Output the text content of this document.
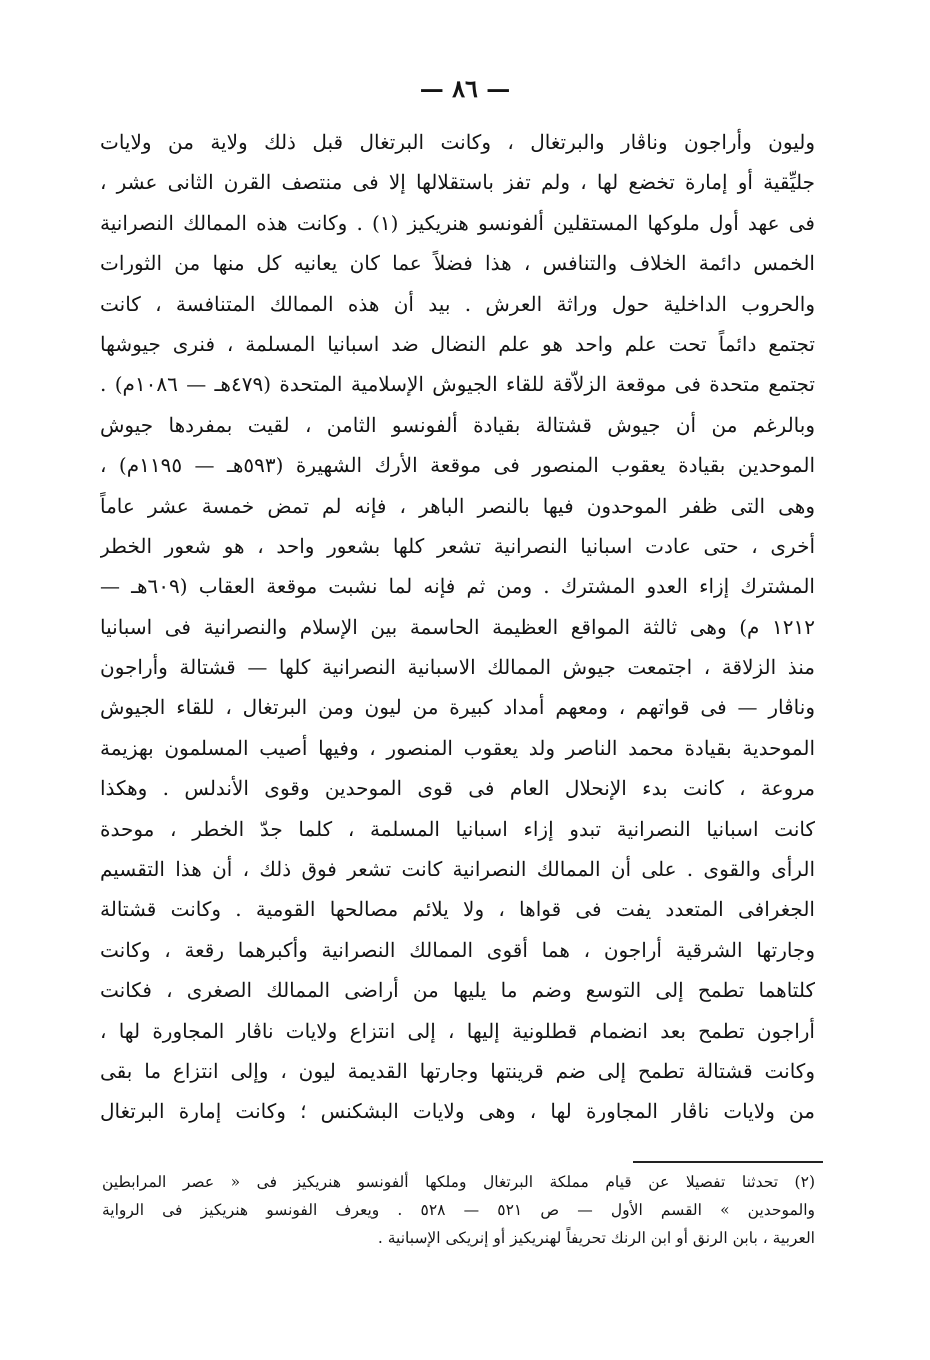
— ٨٦ —
وليون وأراجون وناڤار والبرتغال ، وكانت البرتغال قبل ذلك ولاية من ولايات
جليِّقية أو إمارة تخضع لها ، ولم تفز باستقلالها إلا فى منتصف القرن الثانى عشر ،
فى عهد أول ملوكها المستقلين ألفونسو هنريكيز (١) . وكانت هذه الممالك النصرانية
الخمس دائمة الخلاف والتنافس ، هذا فضلاً عما كان يعانيه كل منها من الثورات
والحروب الداخلية حول وراثة العرش . بيد أن هذه الممالك المتنافسة ، كانت
تجتمع دائماً تحت علم واحد هو علم النضال ضد اسبانيا المسلمة ، فنرى جيوشها
تجتمع متحدة فى موقعة الزلاّقة للقاء الجيوش الإسلامية المتحدة (٤٧٩هـ — ١٠٨٦م) .
وبالرغم من أن جيوش قشتالة بقيادة ألفونسو الثامن ، لقيت بمفردها جيوش
الموحدين بقيادة يعقوب المنصور فى موقعة الأرك الشهيرة (٥٩٣هـ — ١١٩٥م) ،
وهى التى ظفر الموحدون فيها بالنصر الباهر ، فإنه لم تمض خمسة عشر عاماً
أخرى ، حتى عادت اسبانيا النصرانية تشعر كلها بشعور واحد ، هو شعور الخطر
المشترك إزاء العدو المشترك . ومن ثم فإنه لما نشبت موقعة العقاب (٦٠٩هـ —
١٢١٢ م) وهى ثالثة المواقع العظيمة الحاسمة بين الإسلام والنصرانية فى اسبانيا
منذ الزلاقة ، اجتمعت جيوش الممالك الاسبانية النصرانية كلها — قشتالة وأراجون
وناڤار — فى قواتهم ، ومعهم أمداد كبيرة من ليون ومن البرتغال ، للقاء الجيوش
الموحدية بقيادة محمد الناصر ولد يعقوب المنصور ، وفيها أصيب المسلمون بهزيمة
مروعة ، كانت بدء الإنحلال العام فى قوى الموحدين وقوى الأندلس . وهكذا
كانت اسبانيا النصرانية تبدو إزاء اسبانيا المسلمة ، كلما جدّ الخطر ، موحدة
الرأى والقوى . على أن الممالك النصرانية كانت تشعر فوق ذلك ، أن هذا التقسيم
الجغرافى المتعدد يفت فى قواها ، ولا يلائم مصالحها القومية . وكانت قشتالة
وجارتها الشرقية أراجون ، هما أقوى الممالك النصرانية وأكبرهما رقعة ، وكانت
كلتاهما تطمح إلى التوسع وضم ما يليها من أراضى الممالك الصغرى ، فكانت
أراجون تطمح بعد انضمام قطلونية إليها ، إلى انتزاع ولايات ناڤار المجاورة لها ،
وكانت قشتالة تطمح إلى ضم قرينتها وجارتها القديمة ليون ، وإلى انتزاع ما بقى
من ولايات ناڤار المجاورة لها ، وهى ولايات البشكنس ؛ وكانت إمارة البرتغال
(٢) تحدثنا تفصيلا عن قيام مملكة البرتغال وملكها ألفونسو هنريكيز فى « عصر المرابطين
والموحدين » القسم الأول — ص ٥٢١ — ٥٢٨ . ويعرف الفونسو هنريكيز فى الرواية
العربية ، بابن الرنق أو ابن الرنك تحريفاً لهنريكيز أو إنريكى الإسبانية .
